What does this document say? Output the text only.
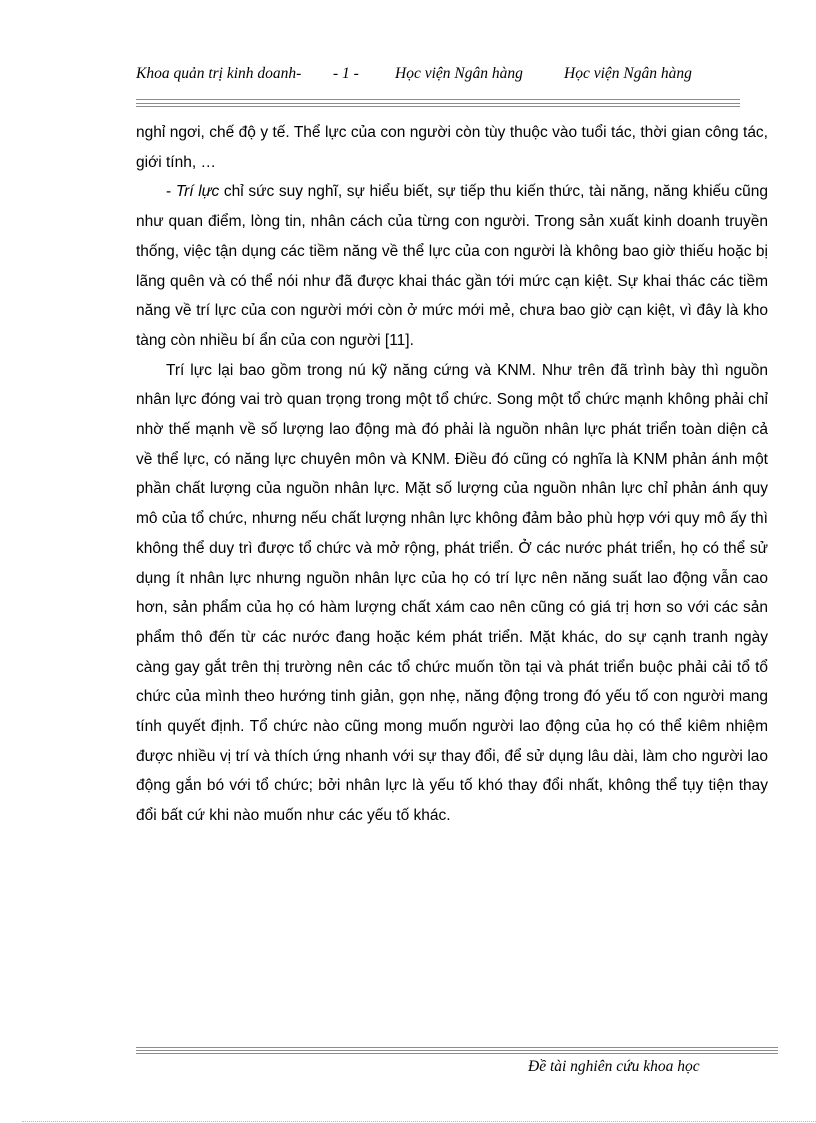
Khoa quản trị kinh doanh- - 1 - Học viện Ngân hàng	Học viện Ngân hàng

nghỉ ngơi, chế độ y tế. Thể lực của con người còn tùy thuộc vào tuổi tác, thời gian công tác, giới tính, …

- Trí lực chỉ sức suy nghĩ, sự hiểu biết, sự tiếp thu kiến thức, tài năng, năng khiếu cũng như quan điểm, lòng tin, nhân cách của từng con người. Trong sản xuất kinh doanh truyền thống, việc tận dụng các tiềm năng về thể lực của con người là không bao giờ thiếu hoặc bị lãng quên và có thể nói như đã được khai thác gần tới mức cạn kiệt. Sự khai thác các tiềm năng về trí lực của con người mới còn ở mức mới mẻ, chưa bao giờ cạn kiệt, vì đây là kho tàng còn nhiều bí ẩn của con người [11].

Trí lực lại bao gồm trong nú kỹ năng cứng và KNM. Như trên đã trình bày thì nguồn nhân lực đóng vai trò quan trọng trong một tổ chức. Song một tổ chức mạnh không phải chỉ nhờ thế mạnh về số lượng lao động mà đó phải là nguồn nhân lực phát triển toàn diện cả về thể lực, có năng lực chuyên môn và KNM. Điều đó cũng có nghĩa là KNM phản ánh một phần chất lượng của nguồn nhân lực. Mặt số lượng của nguồn nhân lực chỉ phản ánh quy mô của tổ chức, nhưng nếu chất lượng nhân lực không đảm bảo phù hợp với quy mô ấy thì không thể duy trì được tổ chức và mở rộng, phát triển. Ở các nước phát triển, họ có thể sử dụng ít nhân lực nhưng nguồn nhân lực của họ có trí lực nên năng suất lao động vẫn cao hơn, sản phẩm của họ có hàm lượng chất xám cao nên cũng có giá trị hơn so với các sản phẩm thô đến từ các nước đang hoặc kém phát triển. Mặt khác, do sự cạnh tranh ngày càng gay gắt trên thị trường nên các tổ chức muốn tồn tại và phát triển buộc phải cải tổ tổ chức của mình theo hướng tinh giản, gọn nhẹ, năng động trong đó yếu tố con người mang tính quyết định. Tổ chức nào cũng mong muốn người lao động của họ có thể kiêm nhiệm được nhiều vị trí và thích ứng nhanh với sự thay đổi, để sử dụng lâu dài, làm cho người lao động gắn bó với tổ chức; bởi nhân lực là yếu tố khó thay đổi nhất, không thể tụy tiện thay đổi bất cứ khi nào muốn như các yếu tố khác.

Đề tài nghiên cứu khoa học
